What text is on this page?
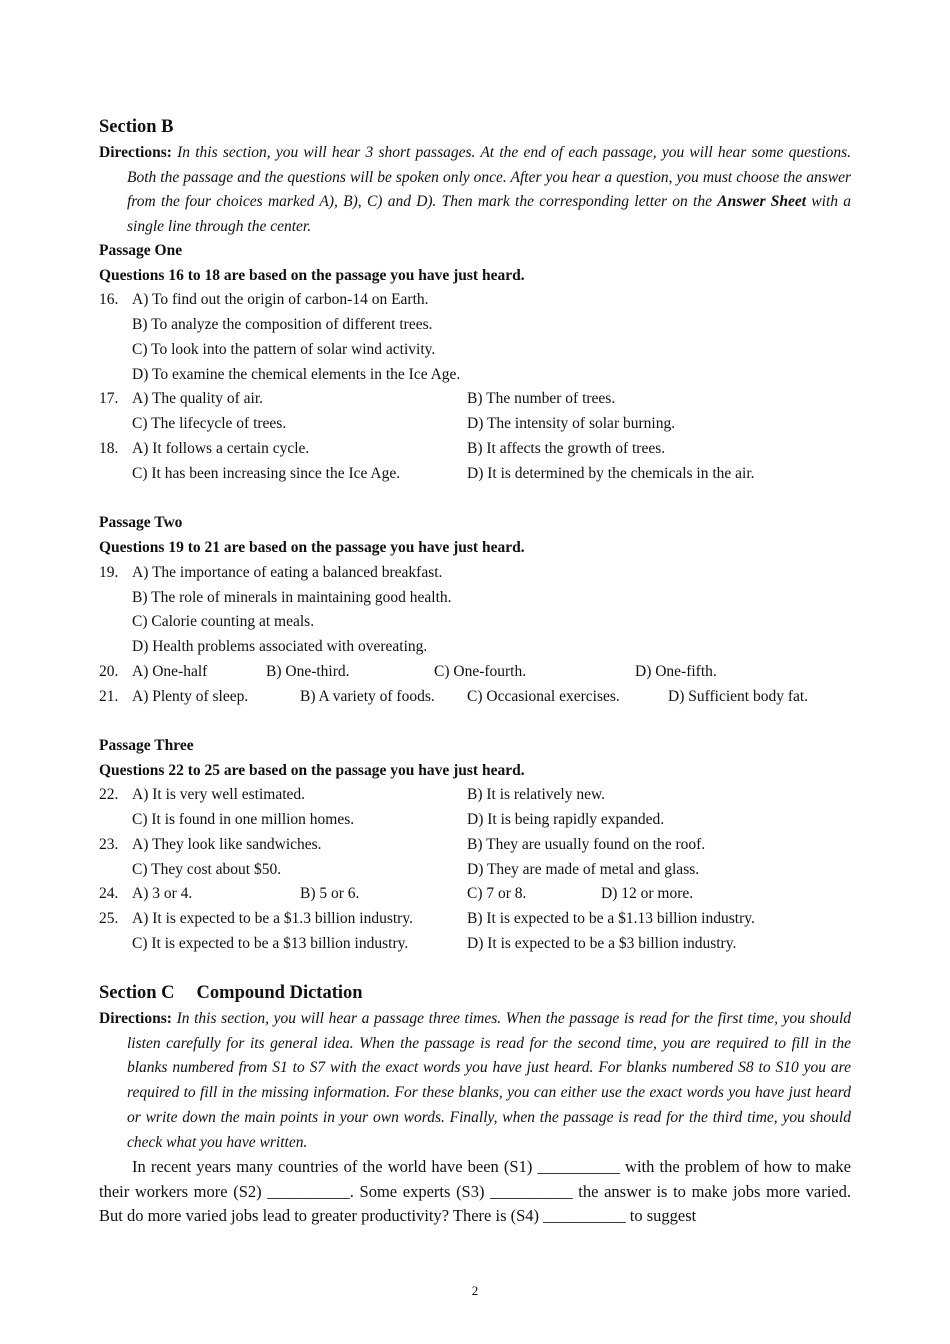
Section B
Directions: In this section, you will hear 3 short passages. At the end of each passage, you will hear some questions. Both the passage and the questions will be spoken only once. After you hear a question, you must choose the answer from the four choices marked A), B), C) and D). Then mark the corresponding letter on the Answer Sheet with a single line through the center.
Passage One
Questions 16 to 18 are based on the passage you have just heard.
16. A) To find out the origin of carbon-14 on Earth.
B) To analyze the composition of different trees.
C) To look into the pattern of solar wind activity.
D) To examine the chemical elements in the Ice Age.
17. A) The quality of air.	B) The number of trees.
C) The lifecycle of trees.	D) The intensity of solar burning.
18. A) It follows a certain cycle.	B) It affects the growth of trees.
C) It has been increasing since the Ice Age.	D) It is determined by the chemicals in the air.
Passage Two
Questions 19 to 21 are based on the passage you have just heard.
19. A) The importance of eating a balanced breakfast.
B) The role of minerals in maintaining good health.
C) Calorie counting at meals.
D) Health problems associated with overeating.
20. A) One-half	B) One-third.	C) One-fourth.	D) One-fifth.
21. A) Plenty of sleep.	B) A variety of foods. C) Occasional exercises.	D) Sufficient body fat.
Passage Three
Questions 22 to 25 are based on the passage you have just heard.
22. A) It is very well estimated.	B) It is relatively new.
C) It is found in one million homes.	D) It is being rapidly expanded.
23. A) They look like sandwiches.	B) They are usually found on the roof.
C) They cost about $50.	D) They are made of metal and glass.
24. A) 3 or 4.	B) 5 or 6.	C) 7 or 8.	D) 12 or more.
25. A) It is expected to be a $1.3 billion industry.	B) It is expected to be a $1.13 billion industry.
C) It is expected to be a $13 billion industry.	D) It is expected to be a $3 billion industry.
Section C Compound Dictation
Directions: In this section, you will hear a passage three times. When the passage is read for the first time, you should listen carefully for its general idea. When the passage is read for the second time, you are required to fill in the blanks numbered from S1 to S7 with the exact words you have just heard. For blanks numbered S8 to S10 you are required to fill in the missing information. For these blanks, you can either use the exact words you have just heard or write down the main points in your own words. Finally, when the passage is read for the third time, you should check what you have written.
In recent years many countries of the world have been (S1) __________ with the problem of how to make their workers more (S2) __________. Some experts (S3) __________ the answer is to make jobs more varied. But do more varied jobs lead to greater productivity? There is (S4) __________ to suggest
2
